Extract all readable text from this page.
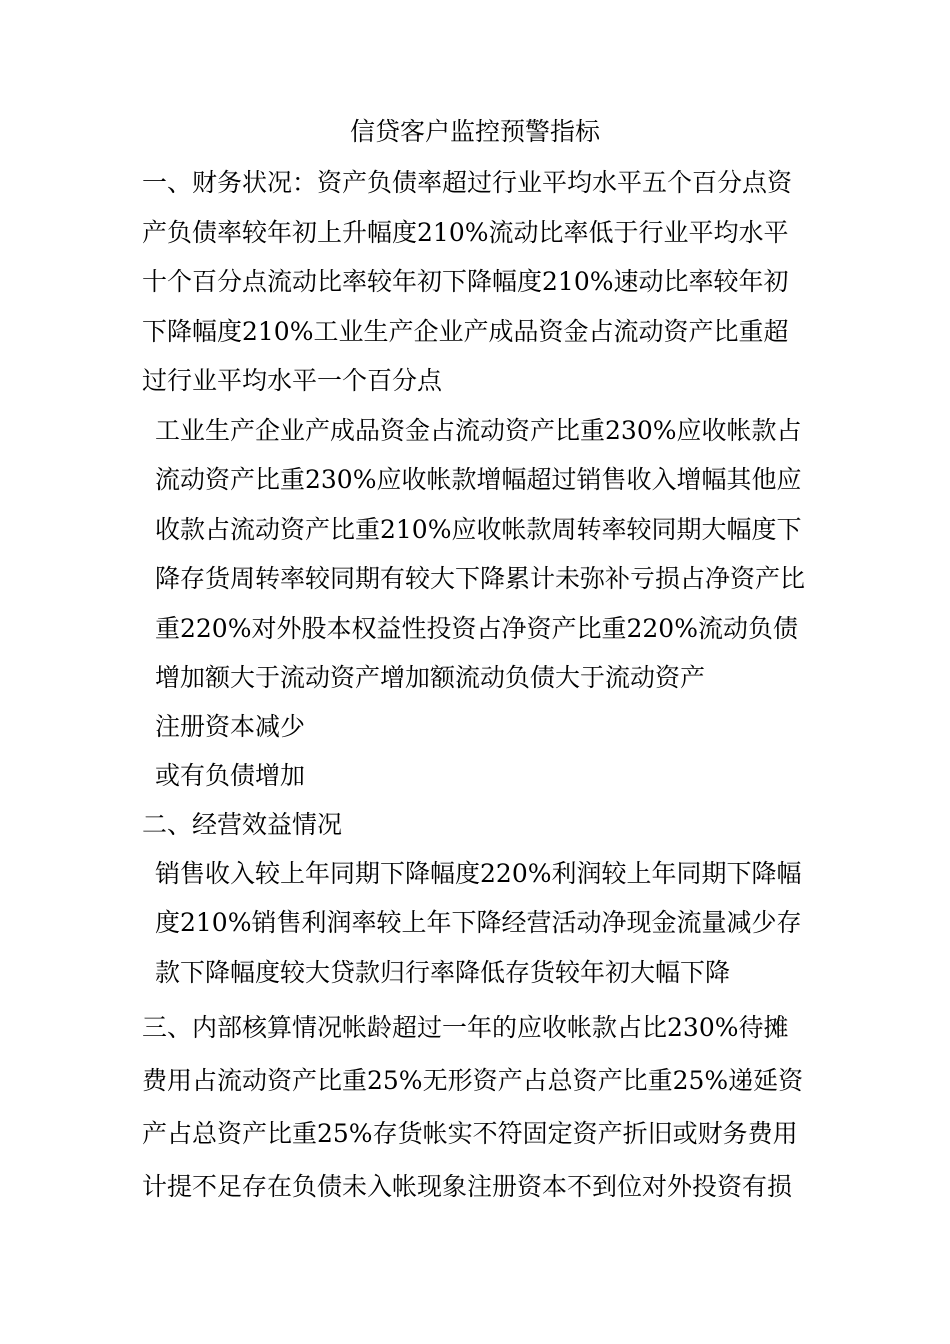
信贷客户监控预警指标

一、财务状况：资产负债率超过行业平均水平五个百分点资产负债率较年初上升幅度210%流动比率低于行业平均水平十个百分点流动比率较年初下降幅度210%速动比率较年初下降幅度210%工业生产企业产成品资金占流动资产比重超过行业平均水平一个百分点

工业生产企业产成品资金占流动资产比重230%应收帐款占流动资产比重230%应收帐款增幅超过销售收入增幅其他应收款占流动资产比重210%应收帐款周转率较同期大幅度下降存货周转率较同期有较大下降累计未弥补亏损占净资产比重220%对外股本权益性投资占净资产比重220%流动负债增加额大于流动资产增加额流动负债大于流动资产

注册资本减少

或有负债增加

二、经营效益情况

销售收入较上年同期下降幅度220%利润较上年同期下降幅度210%销售利润率较上年下降经营活动净现金流量减少存款下降幅度较大贷款归行率降低存货较年初大幅下降

三、内部核算情况帐龄超过一年的应收帐款占比230%待摊费用占流动资产比重25%无形资产占总资产比重25%递延资产占总资产比重25%存货帐实不符固定资产折旧或财务费用计提不足存在负债未入帐现象注册资本不到位对外投资有损
